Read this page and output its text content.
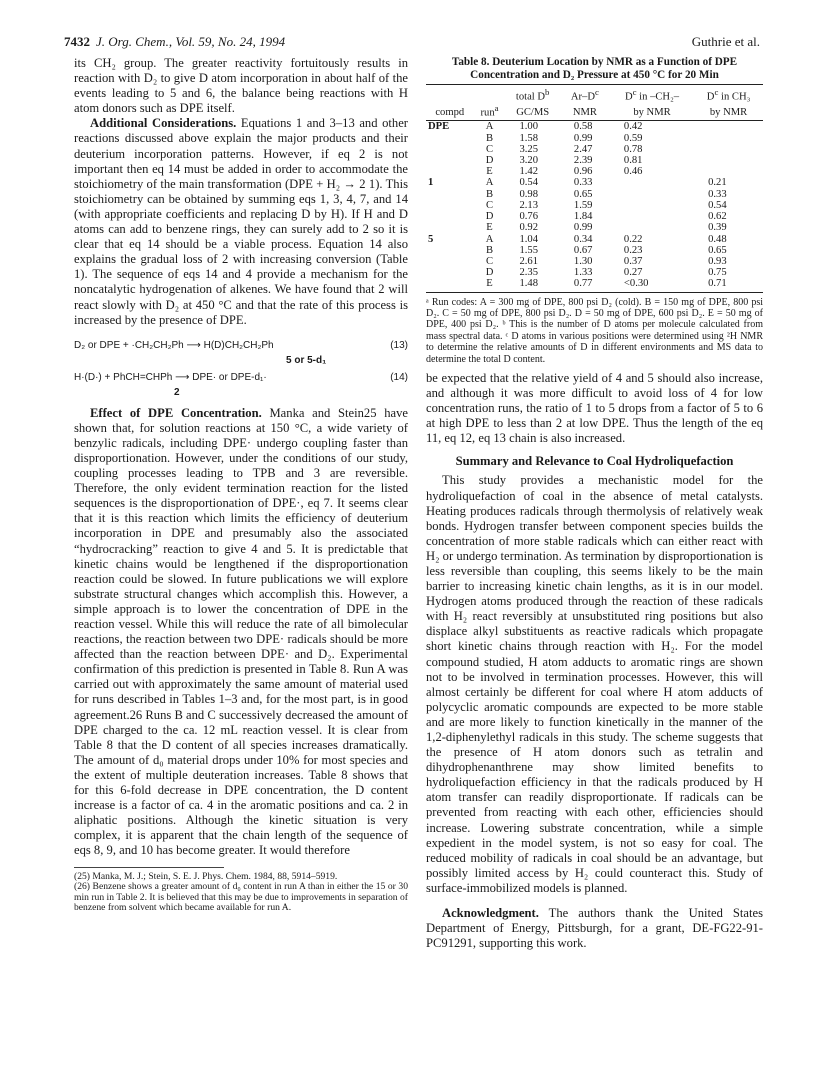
7432 J. Org. Chem., Vol. 59, No. 24, 1994	Guthrie et al.

its CH₂ group. The greater reactivity fortuitously results in reaction with D₂ to give D atom incorporation in about half of the events leading to 5 and 6, the balance being reactions with H atom donors such as DPE itself.

Additional Considerations. Equations 1 and 3–13 and other reactions discussed above explain the major products and their deuterium incorporation patterns. However, if eq 2 is not important then eq 14 must be added in order to accommodate the stoichiometry of the main transformation (DPE + H₂ → 2 1). This stoichiometry can be obtained by summing eqs 1, 3, 4, 7, and 14 (with appropriate coefficients and replacing D by H). If H and D atoms can add to benzene rings, they can surely add to 2 so it is clear that eq 14 should be a viable process. Equation 14 also explains the gradual loss of 2 with increasing conversion (Table 1). The sequence of eqs 14 and 4 provide a mechanism for the noncatalytic hydrogenation of alkenes. We have found that 2 will react slowly with D₂ at 450 °C and that the rate of this process is increased by the presence of DPE.

D₂ or DPE + ·CH₂CH₂Ph ⟶ H(D)CH₂CH₂Ph
5 or 5-d₁
(13)
H·(D·) + PhCH=CHPh ⟶ DPE· or DPE-d₁·
2
(14)

Effect of DPE Concentration. Manka and Stein25 have shown that, for solution reactions at 150 °C, a wide variety of benzylic radicals, including DPE· undergo coupling faster than disproportionation. However, under the conditions of our study, coupling processes leading to TPB and 3 are reversible. Therefore, the only evident termination reaction for the listed sequences is the disproportionation of DPE·, eq 7. It seems clear that it is this reaction which limits the efficiency of deuterium incorporation in DPE and presumably also the associated “hydrocracking” reaction to give 4 and 5. It is predictable that kinetic chains would be lengthened if the disproportionation reaction could be slowed. In future publications we will explore substrate structural changes which accomplish this. However, a simple approach is to lower the concentration of DPE in the reaction vessel. While this will reduce the rate of all bimolecular reactions, the reaction between two DPE· radicals should be more affected than the reaction between DPE· and D₂. Experimental confirmation of this prediction is presented in Table 8. Run A was carried out with approximately the same amount of material used for runs described in Tables 1–3 and, for the most part, is in good agreement.26 Runs B and C successively decreased the amount of DPE charged to the ca. 12 mL reaction vessel. It is clear from Table 8 that the D content of all species increases dramatically. The amount of d₀ material drops under 10% for most species and the extent of multiple deuteration increases. Table 8 shows that for this 6-fold decrease in DPE concentration, the D content increase is a factor of ca. 4 in the aromatic positions and ca. 2 in aliphatic positions. Although the kinetic situation is very complex, it is apparent that the chain length of the sequence of eqs 8, 9, and 10 has become greater. It would therefore

(25) Manka, M. J.; Stein, S. E. J. Phys. Chem. 1984, 88, 5914–5919.
(26) Benzene shows a greater amount of d₀ content in run A than in either the 15 or 30 min run in Table 2. It is believed that this may be due to improvements in separation of benzene from solvent which became available for run A.
Table 8. Deuterium Location by NMR as a Function of DPE Concentration and D₂ Pressure at 450 °C for 20 Min
		total $D^b$	$Ar-D^c$	$D^c$ in –CH₂–	$D^c$ in CH₃
compd	run$^a$	GC/MS	NMR	by NMR	by NMR
DPE	A	1.00	0.58	0.42	
	B	1.58	0.99	0.59	
	C	3.25	2.47	0.78	
	D	3.20	2.39	0.81	
	E	1.42	0.96	0.46	
1	A	0.54	0.33		0.21
	B	0.98	0.65		0.33
	C	2.13	1.59		0.54
	D	0.76	1.84		0.62
	E	0.92	0.99		0.39
5	A	1.04	0.34	0.22	0.48
	B	1.55	0.67	0.23	0.65
	C	2.61	1.30	0.37	0.93
	D	2.35	1.33	0.27	0.75
	E	1.48	0.77	<0.30	0.71
ᵃ Run codes: A = 300 mg of DPE, 800 psi D₂ (cold). B = 150 mg of DPE, 800 psi D₂. C = 50 mg of DPE, 800 psi D₂. D = 50 mg of DPE, 600 psi D₂. E = 50 mg of DPE, 400 psi D₂. ᵇ This is the number of D atoms per molecule calculated from mass spectral data. ᶜ D atoms in various positions were determined using ²H NMR to determine the relative amounts of D in different environments and MS data to determine the total D content.

be expected that the relative yield of 4 and 5 should also increase, and although it was more difficult to avoid loss of 4 for low concentration runs, the ratio of 1 to 5 drops from a factor of 5 to 6 at high DPE to less than 2 at low DPE. Thus the length of the eq 11, eq 12, eq 13 chain is also increased.

Summary and Relevance to Coal Hydroliquefaction

This study provides a mechanistic model for the hydroliquefaction of coal in the absence of metal catalysts. Heating produces radicals through thermolysis of relatively weak bonds. Hydrogen transfer between component species builds the concentration of more stable radicals which can either react with H₂ or undergo termination. As termination by disproportionation is less reversible than coupling, this seems likely to be the main barrier to increasing kinetic chain lengths, as it is in our model. Hydrogen atoms produced through the reaction of these radicals with H₂ react reversibly at unsubstituted ring positions but also displace alkyl substituents as reactive radicals which propagate short kinetic chains through reaction with H₂. For the model compound studied, H atom adducts to aromatic rings are shown not to be involved in termination processes. However, this will almost certainly be different for coal where H atom adducts of polycyclic aromatic compounds are expected to be more stable and are more likely to function kinetically in the manner of the 1,2-diphenylethyl radicals in this study. The scheme suggests that the presence of H atom donors such as tetralin and dihydrophenanthrene may show limited benefits to hydroliquefaction efficiency in that the radicals produced by H atom transfer can readily disproportionate. If radicals can be prevented from reacting with each other, efficiencies should increase. Lowering substrate concentration, while a simple expedient in the model system, is not so easy for coal. The reduced mobility of radicals in coal should be an advantage, but possibly limited access by H₂ could counteract this. Study of surface-immobilized models is planned.

Acknowledgment. The authors thank the United States Department of Energy, Pittsburgh, for a grant, DE-FG22-91-PC91291, supporting this work.
